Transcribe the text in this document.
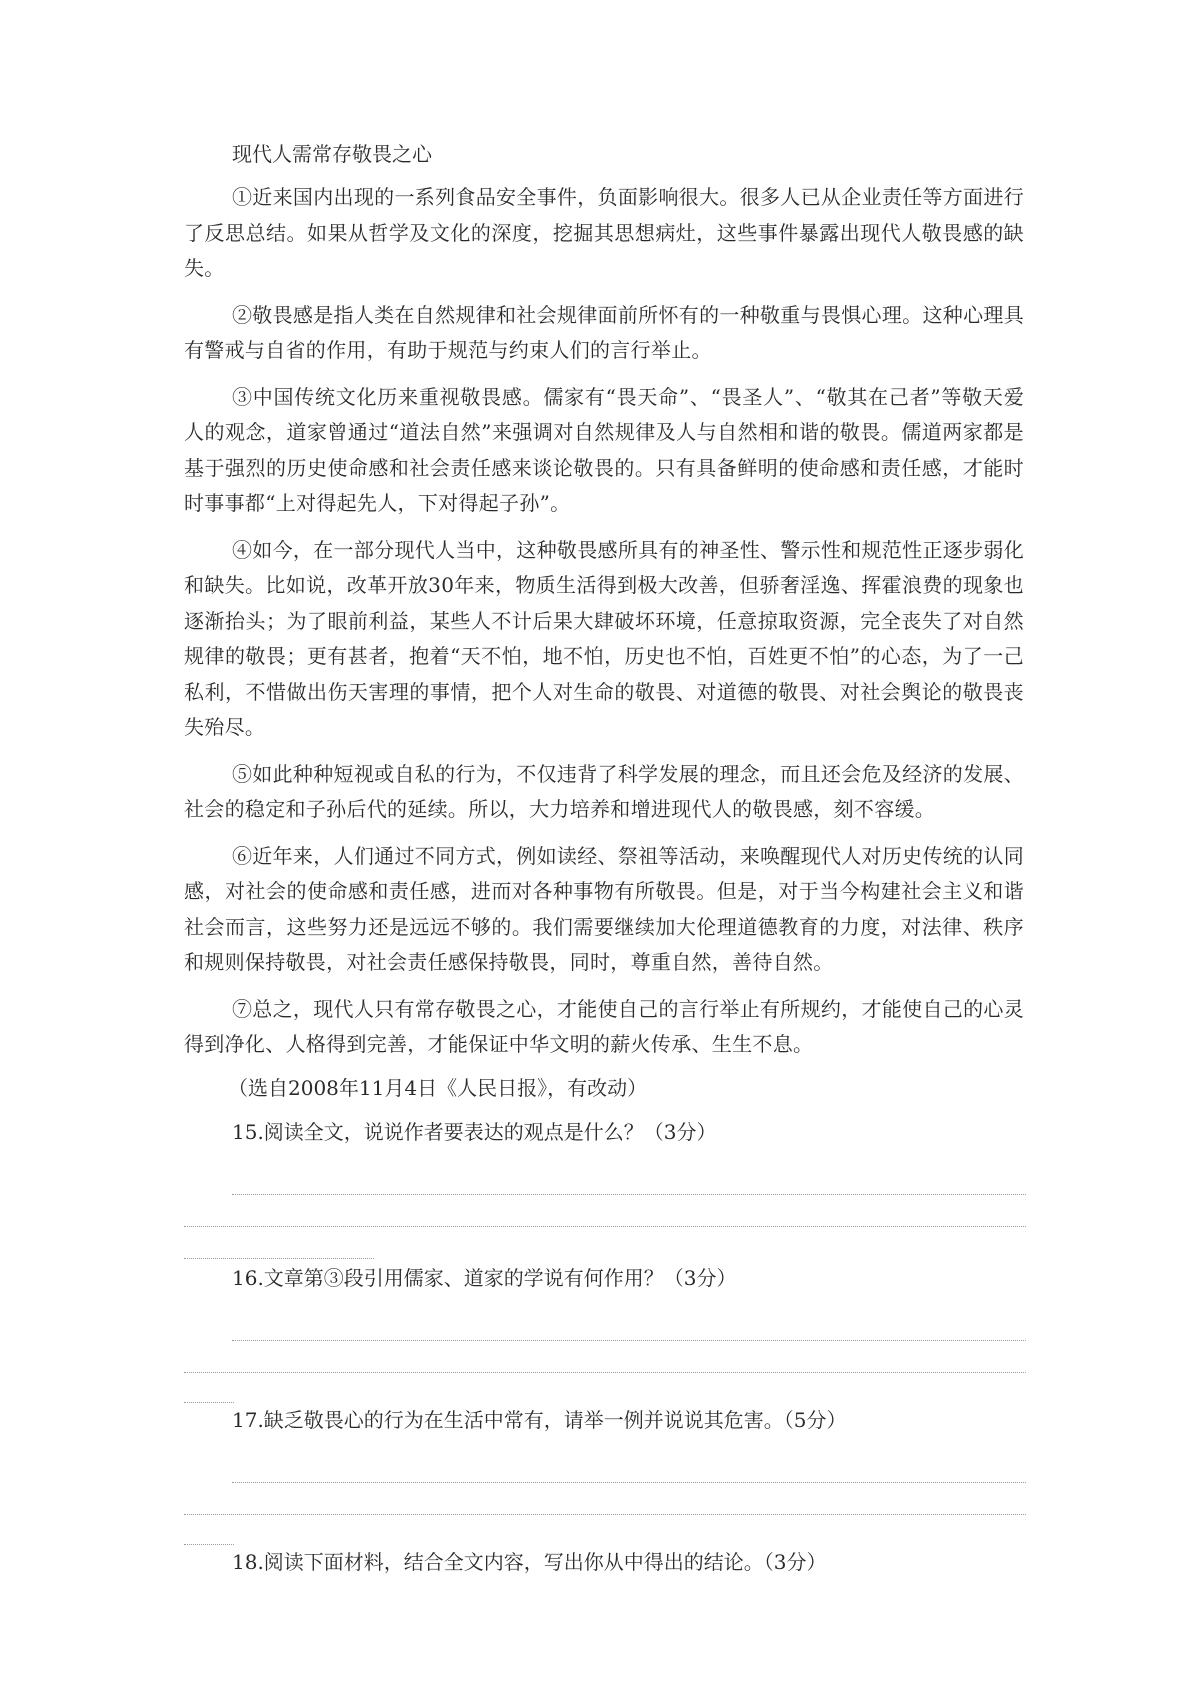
现代人需常存敬畏之心

①近来国内出现的一系列食品安全事件，负面影响很大。很多人已从企业责任等方面进行了反思总结。如果从哲学及文化的深度，挖掘其思想病灶，这些事件暴露出现代人敬畏感的缺失。

②敬畏感是指人类在自然规律和社会规律面前所怀有的一种敬重与畏惧心理。这种心理具有警戒与自省的作用，有助于规范与约束人们的言行举止。

③中国传统文化历来重视敬畏感。儒家有“畏天命”、“畏圣人”、“敬其在己者”等敬天爱人的观念，道家曾通过“道法自然”来强调对自然规律及人与自然相和谐的敬畏。儒道两家都是基于强烈的历史使命感和社会责任感来谈论敬畏的。只有具备鲜明的使命感和责任感，才能时时事事都“上对得起先人，下对得起子孙”。

④如今，在一部分现代人当中，这种敬畏感所具有的神圣性、警示性和规范性正逐步弱化和缺失。比如说，改革开放30年来，物质生活得到极大改善，但骄奢淫逸、挥霍浪费的现象也逐渐抬头；为了眼前利益，某些人不计后果大肆破坏环境，任意掠取资源，完全丧失了对自然规律的敬畏；更有甚者，抱着“天不怕，地不怕，历史也不怕，百姓更不怕”的心态，为了一己私利，不惜做出伤天害理的事情，把个人对生命的敬畏、对道德的敬畏、对社会舆论的敬畏丧失殆尽。

⑤如此种种短视或自私的行为，不仅违背了科学发展的理念，而且还会危及经济的发展、社会的稳定和子孙后代的延续。所以，大力培养和增进现代人的敬畏感，刻不容缓。

⑥近年来，人们通过不同方式，例如读经、祭祖等活动，来唤醒现代人对历史传统的认同感，对社会的使命感和责任感，进而对各种事物有所敬畏。但是，对于当今构建社会主义和谐社会而言，这些努力还是远远不够的。我们需要继续加大伦理道德教育的力度，对法律、秩序和规则保持敬畏，对社会责任感保持敬畏，同时，尊重自然，善待自然。

⑦总之，现代人只有常存敬畏之心，才能使自己的言行举止有所规约，才能使自己的心灵得到净化、人格得到完善，才能保证中华文明的薪火传承、生生不息。

（选自2008年11月4日《人民日报》，有改动）
15.阅读全文，说说作者要表达的观点是什么？（3分）
16.文章第③段引用儒家、道家的学说有何作用？（3分）
17.缺乏敬畏心的行为在生活中常有，请举一例并说说其危害。（5分）
18.阅读下面材料，结合全文内容，写出你从中得出的结论。（3分）
